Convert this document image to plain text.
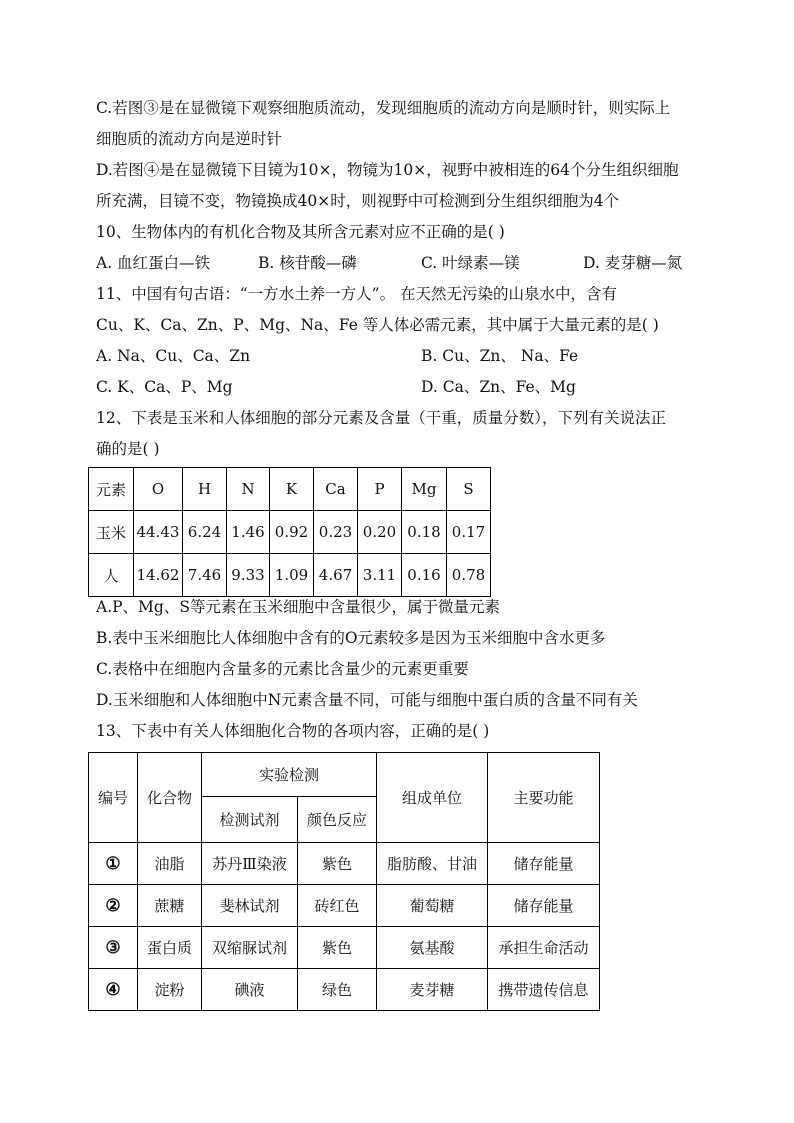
C.若图③是在显微镜下观察细胞质流动，发现细胞质的流动方向是顺时针，则实际上
细胞质的流动方向是逆时针
D.若图④是在显微镜下目镜为10×，物镜为10×，视野中被相连的64个分生组织细胞
所充满，目镜不变，物镜换成40×时，则视野中可检测到分生组织细胞为4个
10、生物体内的有机化合物及其所含元素对应不正确的是( )
A. 血红蛋白—铁	B. 核苷酸—磷	C. 叶绿素—镁	D. 麦芽糖—氮
11、中国有句古语：“一方水土养一方人”。 在天然无污染的山泉水中，含有
Cu、K、Ca、Zn、P、Mg、Na、Fe 等人体必需元素，其中属于大量元素的是( )
A. Na、Cu、Ca、Zn	B. Cu、Zn、 Na、Fe
C. K、Ca、P、Mg	D. Ca、Zn、Fe、Mg
12、下表是玉米和人体细胞的部分元素及含量（干重，质量分数），下列有关说法正
确的是( )
元素	O	H	N	K	Ca	P	Mg	S
玉米	44.43	6.24	1.46	0.92	0.23	0.20	0.18	0.17
人	14.62	7.46	9.33	1.09	4.67	3.11	0.16	0.78
A.P、Mg、S等元素在玉米细胞中含量很少，属于微量元素
B.表中玉米细胞比人体细胞中含有的O元素较多是因为玉米细胞中含水更多
C.表格中在细胞内含量多的元素比含量少的元素更重要
D.玉米细胞和人体细胞中N元素含量不同，可能与细胞中蛋白质的含量不同有关
13、下表中有关人体细胞化合物的各项内容，正确的是( )
编号	化合物	实验检测		组成单位	主要功能
		检测试剂	颜色反应		
①	油脂	苏丹Ⅲ染液	紫色	脂肪酸、甘油	储存能量
②	蔗糖	斐林试剂	砖红色	葡萄糖	储存能量
③	蛋白质	双缩脲试剂	紫色	氨基酸	承担生命活动
④	淀粉	碘液	绿色	麦芽糖	携带遗传信息
